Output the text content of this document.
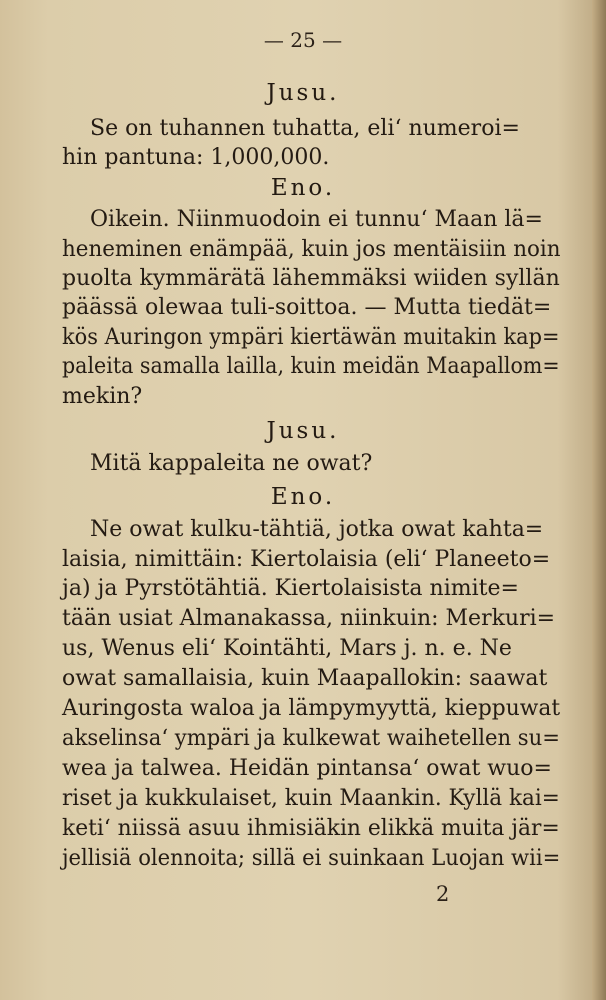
— 25 —
Jusu.
Se on tuhannen tuhatta, eli‘ numeroi=
hin pantuna: 1,000,000.
Eno.
Oikein. Niinmuodoin ei tunnu‘ Maan lä=
heneminen enämpää, kuin jos mentäisiin noin
puolta kymmärätä lähemmäksi wiiden syllän
päässä olewaa tuli-soittoa. — Mutta tiedät=
kös Auringon ympäri kiertäwän muitakin kap=
paleita samalla lailla, kuin meidän Maapallom=
mekin?
Jusu.
Mitä kappaleita ne owat?
Eno.
Ne owat kulku-tähtiä, jotka owat kahta=
laisia, nimittäin: Kiertolaisia (eli‘ Planeeto=
ja) ja Pyrstötähtiä. Kiertolaisista nimite=
tään usiat Almanakassa, niinkuin: Merkuri=
us, Wenus eli‘ Kointähti, Mars j. n. e. Ne
owat samallaisia, kuin Maapallokin: saawat
Auringosta waloa ja lämpymyyttä, kieppuwat
akselinsa‘ ympäri ja kulkewat waihetellen su=
wea ja talwea. Heidän pintansa‘ owat wuo=
riset ja kukkulaiset, kuin Maankin. Kyllä kai=
keti‘ niissä asuu ihmisiäkin elikkä muita jär=
jellisiä olennoita; sillä ei suinkaan Luojan wii=
2
